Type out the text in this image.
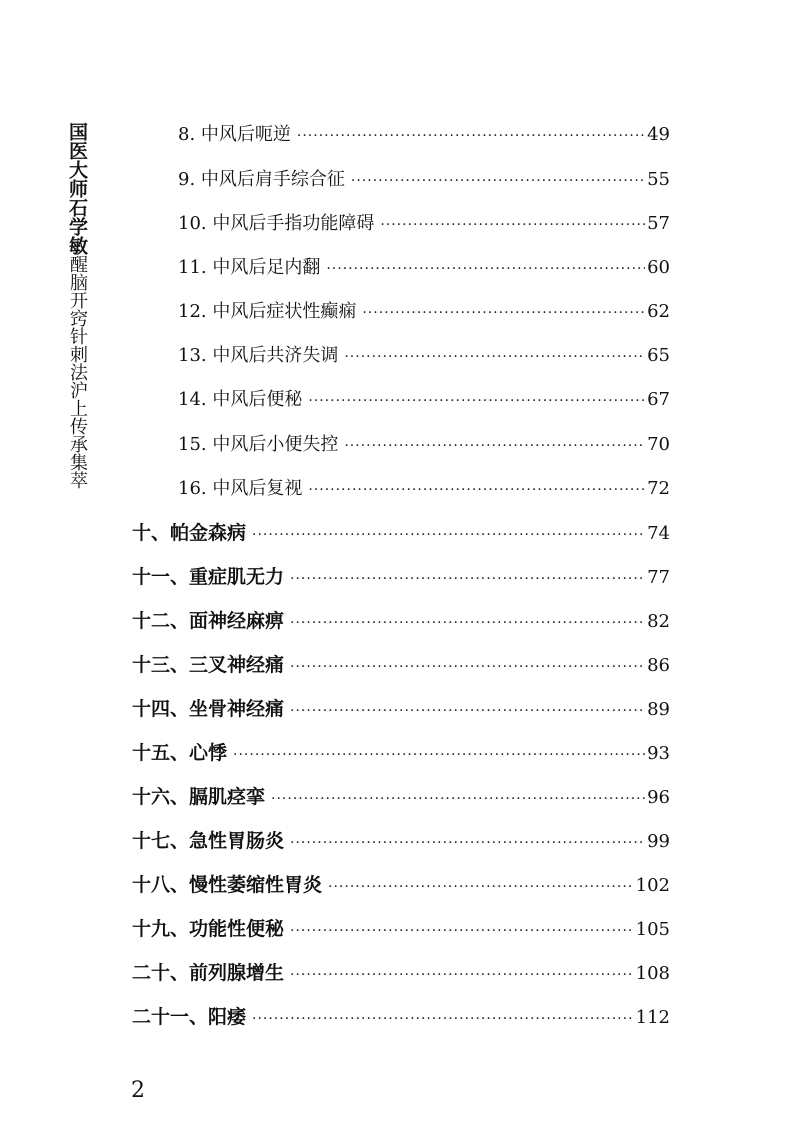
国医大师石学敏醒脑开窍针刺法沪上传承集萃
8. 中风后呃逆 ·····	49
9. 中风后肩手综合征 ·····	55
10. 中风后手指功能障碍 ·····	57
11. 中风后足内翻 ·····	60
12. 中风后症状性癫痫 ·····	62
13. 中风后共济失调 ·····	65
14. 中风后便秘 ·····	67
15. 中风后小便失控 ·····	70
16. 中风后复视 ·····	72
十、帕金森病 ·····	74
十一、重症肌无力 ·····	77
十二、面神经麻痹 ·····	82
十三、三叉神经痛 ·····	86
十四、坐骨神经痛 ·····	89
十五、心悸 ·····	93
十六、膈肌痉挛 ·····	96
十七、急性胃肠炎 ·····	99
十八、慢性萎缩性胃炎 ·····	102
十九、功能性便秘 ·····	105
二十、前列腺增生 ·····	108
二十一、阳痿 ·····	112
2
